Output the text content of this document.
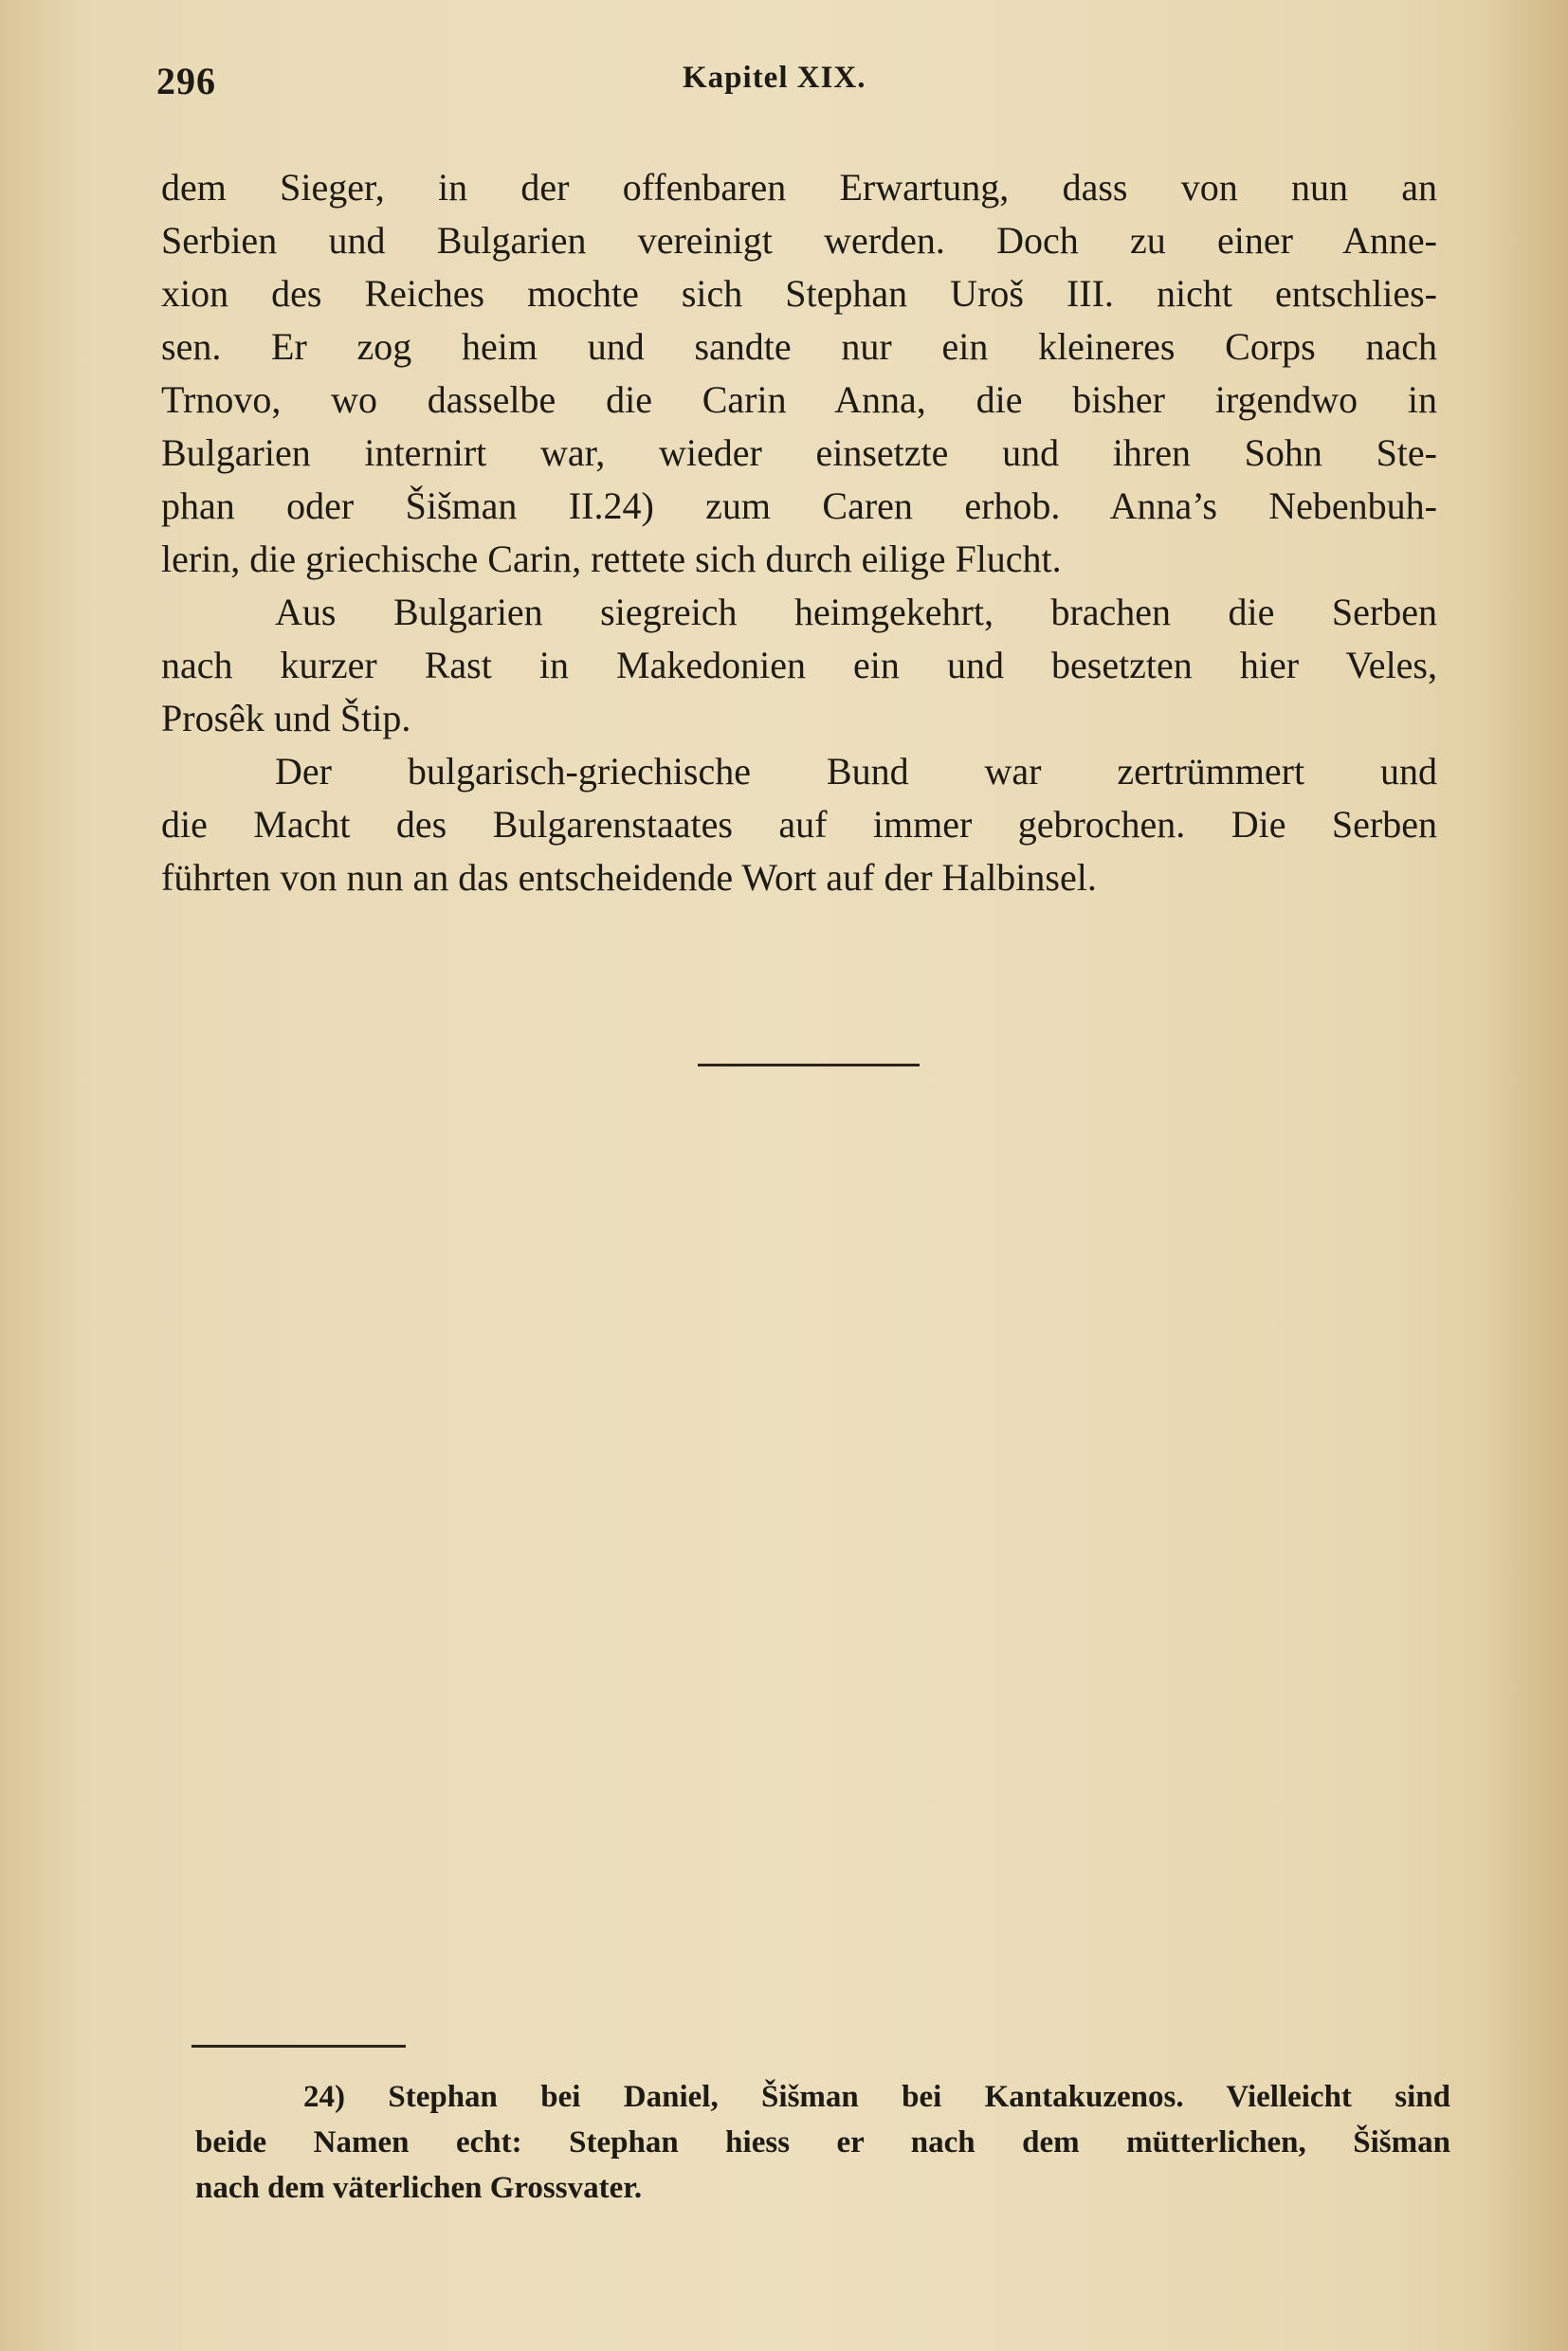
296	Kapitel XIX.
dem Sieger, in der offenbaren Erwartung, dass von nun an
Serbien und Bulgarien vereinigt werden. Doch zu einer Anne-
xion des Reiches mochte sich Stephan Uroš III. nicht entschlies-
sen. Er zog heim und sandte nur ein kleineres Corps nach
Trnovo, wo dasselbe die Carin Anna, die bisher irgendwo in
Bulgarien internirt war, wieder einsetzte und ihren Sohn Ste-
phan oder Šišman II.24) zum Caren erhob. Anna’s Nebenbuh-
lerin, die griechische Carin, rettete sich durch eilige Flucht.
Aus Bulgarien siegreich heimgekehrt, brachen die Serben
nach kurzer Rast in Makedonien ein und besetzten hier Veles,
Prosêk und Štip.
Der bulgarisch-griechische Bund war zertrümmert und
die Macht des Bulgarenstaates auf immer gebrochen. Die Serben
führten von nun an das entscheidende Wort auf der Halbinsel.
24) Stephan bei Daniel, Šišman bei Kantakuzenos. Vielleicht sind
beide Namen echt: Stephan hiess er nach dem mütterlichen, Šišman
nach dem väterlichen Grossvater.
